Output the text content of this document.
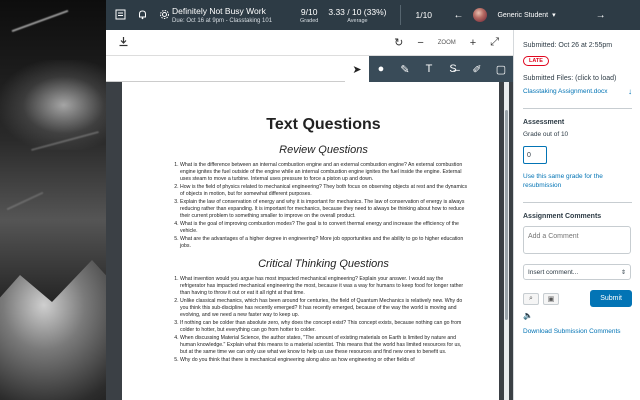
Definitely Not Busy Work
Due: Oct 16 at 9pm - Classtaking 101
9/10
Graded
3.33 / 10 (33%)
Average
1/10	←	Generic Student ▾	→
↻ − ZOOM + ⤢
➤	●	✎	T	S̶	✐	▢
Text Questions
Review Questions
1. What is the difference between an internal combustion engine and an external combustion engine? An external combustion engine ignites the fuel outside of the engine while an internal combustion engine ignites the fuel inside the engine. External uses steam to move a turbine. Internal uses pressure to force a piston up and down.
2. How is the field of physics related to mechanical engineering? They both focus on observing objects at rest and the dynamics of objects in motion, but for somewhat different purposes.
3. Explain the law of conservation of energy and why it is important for mechanics. The law of conservation of energy is always reducing rather than expanding. It is important for mechanics, because they need to always be thinking about how to reduce their current problem to something smaller to improve on the overall product.
4. What is the goal of improving combustion modes? The goal is to convert thermal energy and increase the efficiency of the vehicle.
5. What are the advantages of a higher degree in engineering? More job opportunities and the ability to go to higher education jobs.
Critical Thinking Questions
1. What invention would you argue has most impacted mechanical engineering? Explain your answer. I would say the refrigerator has impacted mechanical engineering the most, because it was a way for humans to keep food for longer rather than having to throw it out or eat it all right at that time.
2. Unlike classical mechanics, which has been around for centuries, the field of Quantum Mechanics is relatively new. Why do you think this sub-discipline has recently emerged? It has recently emerged, because of the way the world is moving and evolving, and we need a new faster way to keep up.
3. If nothing can be colder than absolute zero, why does the concept exist? This concept exists, because nothing can go from colder to hotter, but everything can go from hotter to colder.
4. When discussing Material Science, the author states, "The amount of existing materials on Earth is limited by nature and human knowledge." Explain what this means to a material scientist. This means that the world has limited resources for us, but at the same time we can only use what we know to help us use these resources and find new ones to benefit us.
5. Why do you think that there is mechanical engineering along also as how engineering or other fields of
Submitted: Oct 26 at 2:55pm
LATE
Submitted Files: (click to load)
Classtaking Assignment.docx	↓
Assessment
Grade out of 10
0
Use this same grade for the resubmission
Assignment Comments
Add a Comment
Insert comment...	⇕
⌕	▣	Submit
🔈
Download Submission Comments
